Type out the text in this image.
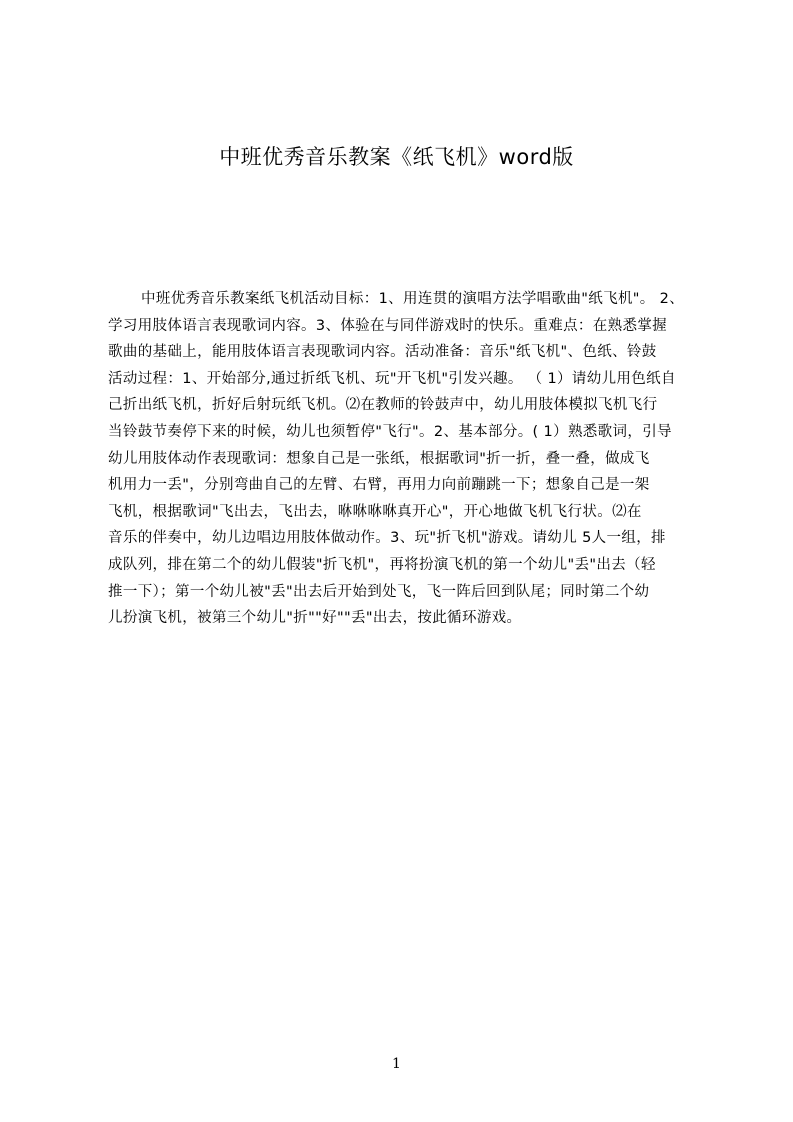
中班优秀音乐教案《纸飞机》word版
中班优秀音乐教案纸飞机活动目标：1、用连贯的演唱方法学唱歌曲"纸飞机"。 2、
学习用肢体语言表现歌词内容。3、体验在与同伴游戏时的快乐。重难点：在熟悉掌握
歌曲的基础上，能用肢体语言表现歌词内容。活动准备：音乐"纸飞机"、色纸、铃鼓
活动过程：1、开始部分,通过折纸飞机、玩"开飞机"引发兴趣。 （ 1）请幼儿用色纸自
己折出纸飞机，折好后射玩纸飞机。⑵在教师的铃鼓声中，幼儿用肢体模拟飞机飞行
当铃鼓节奏停下来的时候，幼儿也须暂停"飞行"。2、基本部分。( 1）熟悉歌词，引导
幼儿用肢体动作表现歌词：想象自己是一张纸，根据歌词"折一折，叠一叠，做成飞
机用力一丢"，分别弯曲自己的左臂、右臂，再用力向前蹦跳一下；想象自己是一架
飞机，根据歌词"飞出去，飞出去，咻咻咻咻真开心"，开心地做飞机飞行状。⑵在
音乐的伴奏中，幼儿边唱边用肢体做动作。3、玩"折飞机"游戏。请幼儿 5人一组，排
成队列，排在第二个的幼儿假装"折飞机"，再将扮演飞机的第一个幼儿"丢"出去（轻
推一下）；第一个幼儿被"丢"出去后开始到处飞，飞一阵后回到队尾；同时第二个幼
儿扮演飞机，被第三个幼儿"折""好""丢"出去，按此循环游戏。
1
